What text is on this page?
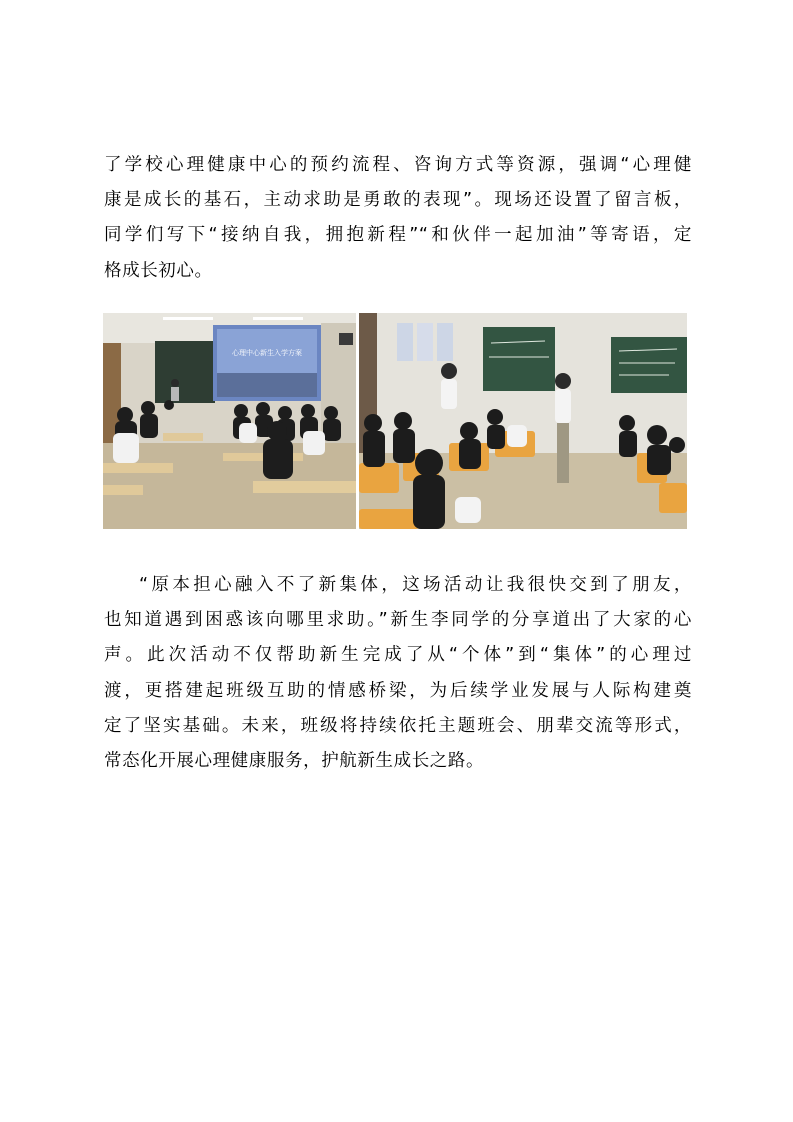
了学校心理健康中心的预约流程、咨询方式等资源，强调“心理健
康是成长的基石，主动求助是勇敢的表现”。现场还设置了留言板，
同学们写下“接纳自我，拥抱新程”“和伙伴一起加油”等寄语，定
格成长初心。
心理中心新生入学方案
“原本担心融入不了新集体，这场活动让我很快交到了朋友，
也知道遇到困惑该向哪里求助。”新生李同学的分享道出了大家的心
声。此次活动不仅帮助新生完成了从“个体”到“集体”的心理过
渡，更搭建起班级互助的情感桥梁，为后续学业发展与人际构建奠
定了坚实基础。未来，班级将持续依托主题班会、朋辈交流等形式，
常态化开展心理健康服务，护航新生成长之路。
